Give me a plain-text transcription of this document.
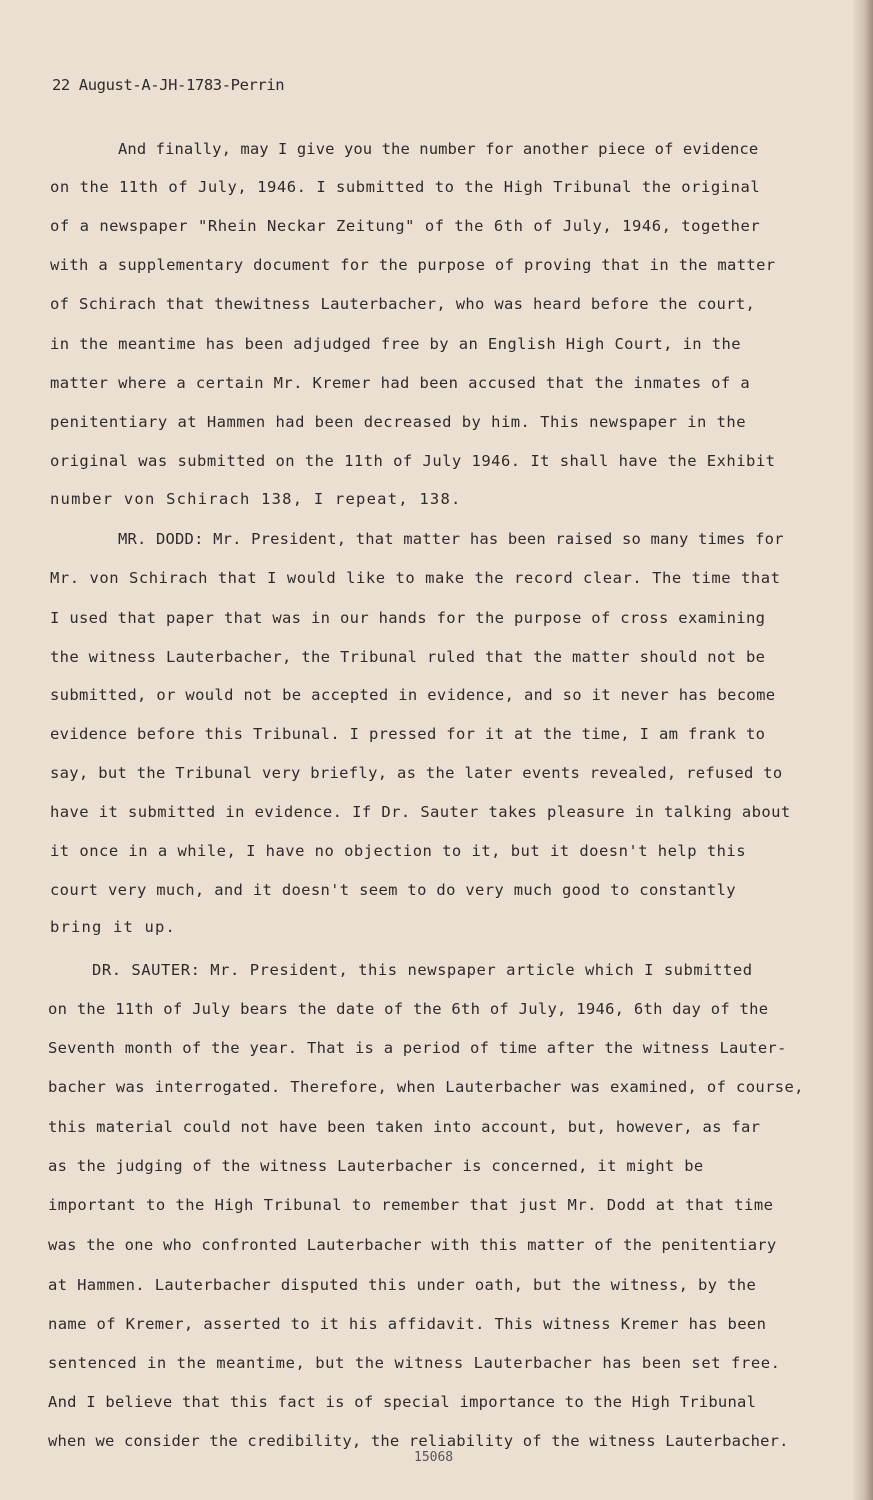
22 August-A-JH-1783-Perrin
And finally, may I give you the number for another piece of evidence
on the 11th of July, 1946. I submitted to the High Tribunal the original
of a newspaper "Rhein Neckar Zeitung" of the 6th of July, 1946, together
with a supplementary document for the purpose of proving that in the matter
of Schirach that thewitness Lauterbacher, who was heard before the court,
in the meantime has been adjudged free by an English High Court, in the
matter where a certain Mr. Kremer had been accused that the inmates of a
penitentiary at Hammen had been decreased by him. This newspaper in the
original was submitted on the 11th of July 1946. It shall have the Exhibit
number von Schirach 138, I repeat, 138.
MR. DODD: Mr. President, that matter has been raised so many times for
Mr. von Schirach that I would like to make the record clear. The time that
I used that paper that was in our hands for the purpose of cross examining
the witness Lauterbacher, the Tribunal ruled that the matter should not be
submitted, or would not be accepted in evidence, and so it never has become
evidence before this Tribunal. I pressed for it at the time, I am frank to
say, but the Tribunal very briefly, as the later events revealed, refused to
have it submitted in evidence. If Dr. Sauter takes pleasure in talking about
it once in a while, I have no objection to it, but it doesn't help this
court very much, and it doesn't seem to do very much good to constantly
bring it up.
DR. SAUTER: Mr. President, this newspaper article which I submitted
on the 11th of July bears the date of the 6th of July, 1946, 6th day of the
Seventh month of the year. That is a period of time after the witness Lauter-
bacher was interrogated. Therefore, when Lauterbacher was examined, of course,
this material could not have been taken into account, but, however, as far
as the judging of the witness Lauterbacher is concerned, it might be
important to the High Tribunal to remember that just Mr. Dodd at that time
was the one who confronted Lauterbacher with this matter of the penitentiary
at Hammen. Lauterbacher disputed this under oath, but the witness, by the
name of Kremer, asserted to it his affidavit. This witness Kremer has been
sentenced in the meantime, but the witness Lauterbacher has been set free.
And I believe that this fact is of special importance to the High Tribunal
when we consider the credibility, the reliability of the witness Lauterbacher.
15068
